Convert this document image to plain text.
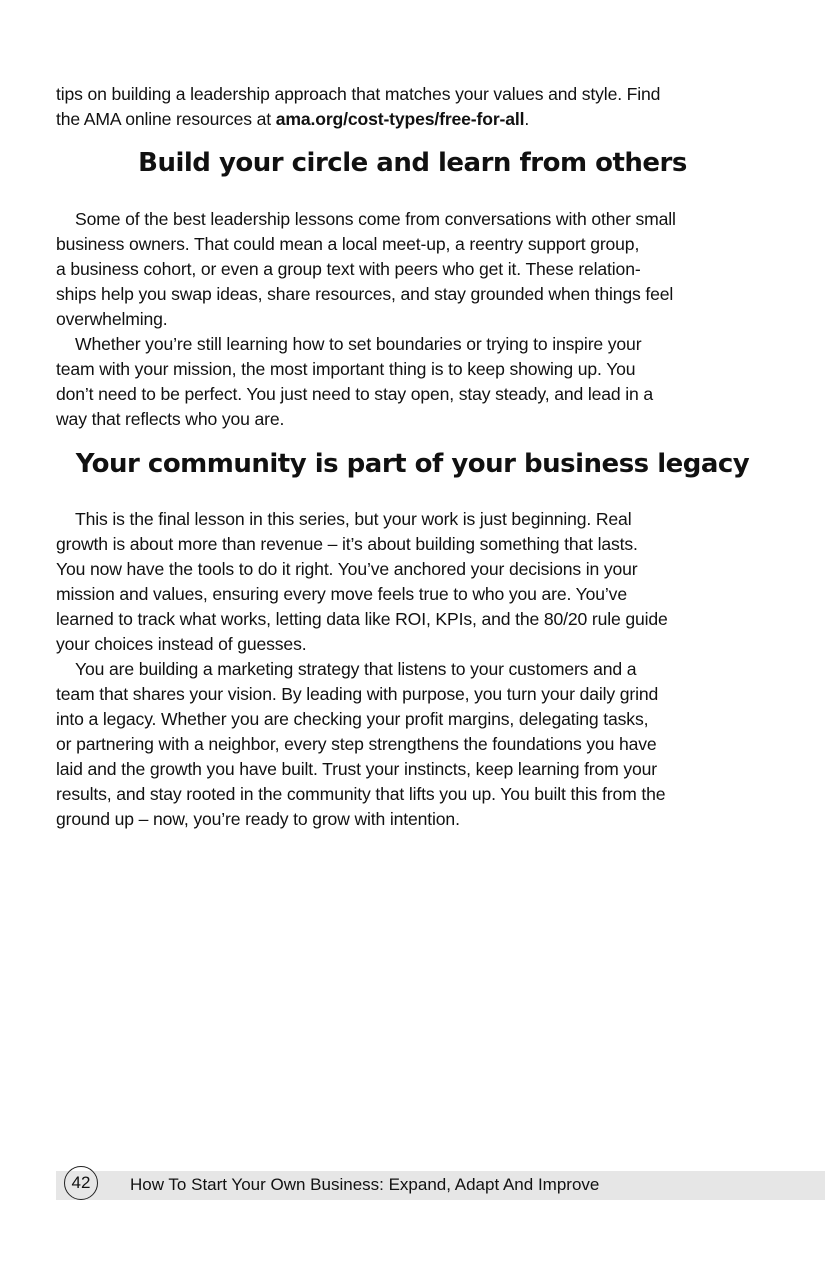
tips on building a leadership approach that matches your values and style. Find
the AMA online resources at ama.org/cost-types/free-for-all.
Build your circle and learn from others
Some of the best leadership lessons come from conversations with other small
business owners. That could mean a local meet-up, a reentry support group,
a business cohort, or even a group text with peers who get it. These relation-
ships help you swap ideas, share resources, and stay grounded when things feel
overwhelming.
Whether you’re still learning how to set boundaries or trying to inspire your
team with your mission, the most important thing is to keep showing up. You
don’t need to be perfect. You just need to stay open, stay steady, and lead in a
way that reflects who you are.
Your community is part of your business legacy
This is the final lesson in this series, but your work is just beginning. Real
growth is about more than revenue – it’s about building something that lasts.
You now have the tools to do it right. You’ve anchored your decisions in your
mission and values, ensuring every move feels true to who you are. You’ve
learned to track what works, letting data like ROI, KPIs, and the 80/20 rule guide
your choices instead of guesses.
You are building a marketing strategy that listens to your customers and a
team that shares your vision. By leading with purpose, you turn your daily grind
into a legacy. Whether you are checking your profit margins, delegating tasks,
or partnering with a neighbor, every step strengthens the foundations you have
laid and the growth you have built. Trust your instincts, keep learning from your
results, and stay rooted in the community that lifts you up. You built this from the
ground up – now, you’re ready to grow with intention.
42	How To Start Your Own Business: Expand, Adapt And Improve
